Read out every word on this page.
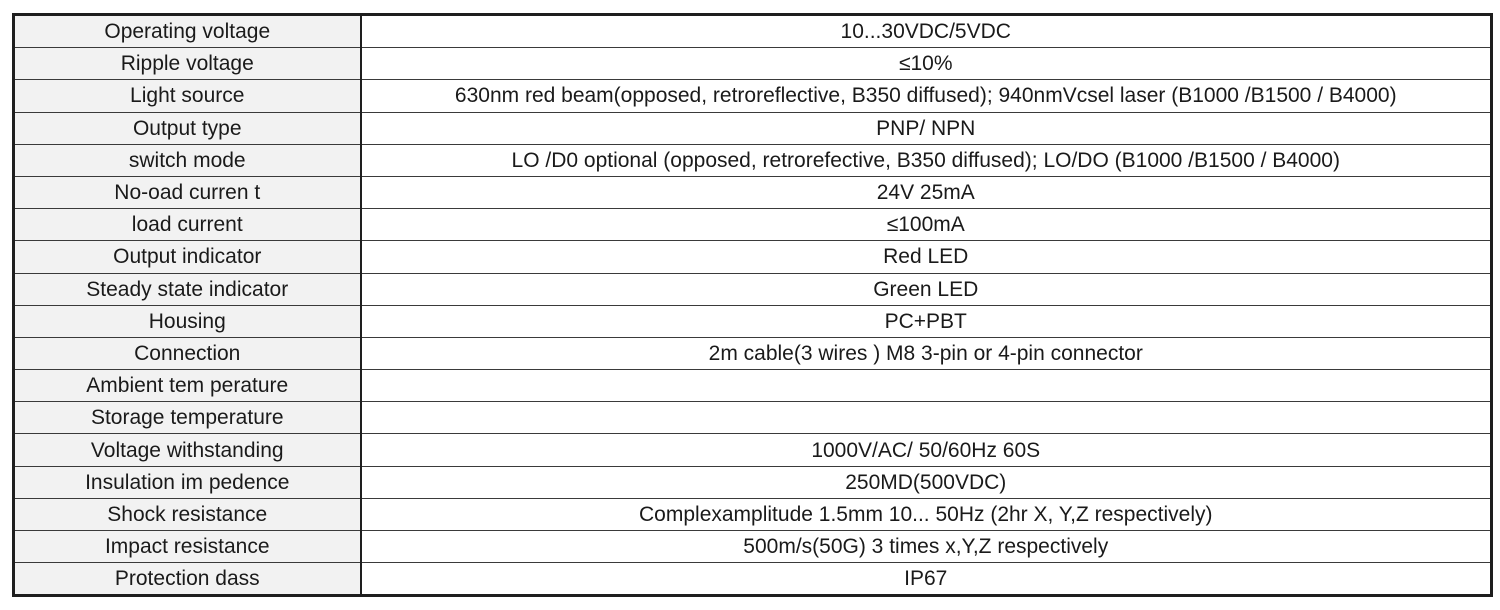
Operating voltage	10...30VDC/5VDC
Ripple voltage	≤10%
Light source	630nm red beam(opposed, retroreflective, B350 diffused); 940nmVcsel laser (B1000 /B1500 / B4000)
Output type	PNP/ NPN
switch mode	LO /D0 optional (opposed, retrorefective, B350 diffused); LO/DO (B1000 /B1500 / B4000)
No-oad curren t	24V 25mA
load current	≤100mA
Output indicator	Red LED
Steady state indicator	Green LED
Housing	PC+PBT
Connection	2m cable(3 wires ) M8 3-pin or 4-pin connector
Ambient tem perature	
Storage temperature	
Voltage withstanding	1000V/AC/ 50/60Hz 60S
Insulation im pedence	250MD(500VDC)
Shock resistance	Complexamplitude 1.5mm 10... 50Hz (2hr X, Y,Z respectively)
Impact resistance	500m/s(50G) 3 times x,Y,Z respectively
Protection dass	IP67
